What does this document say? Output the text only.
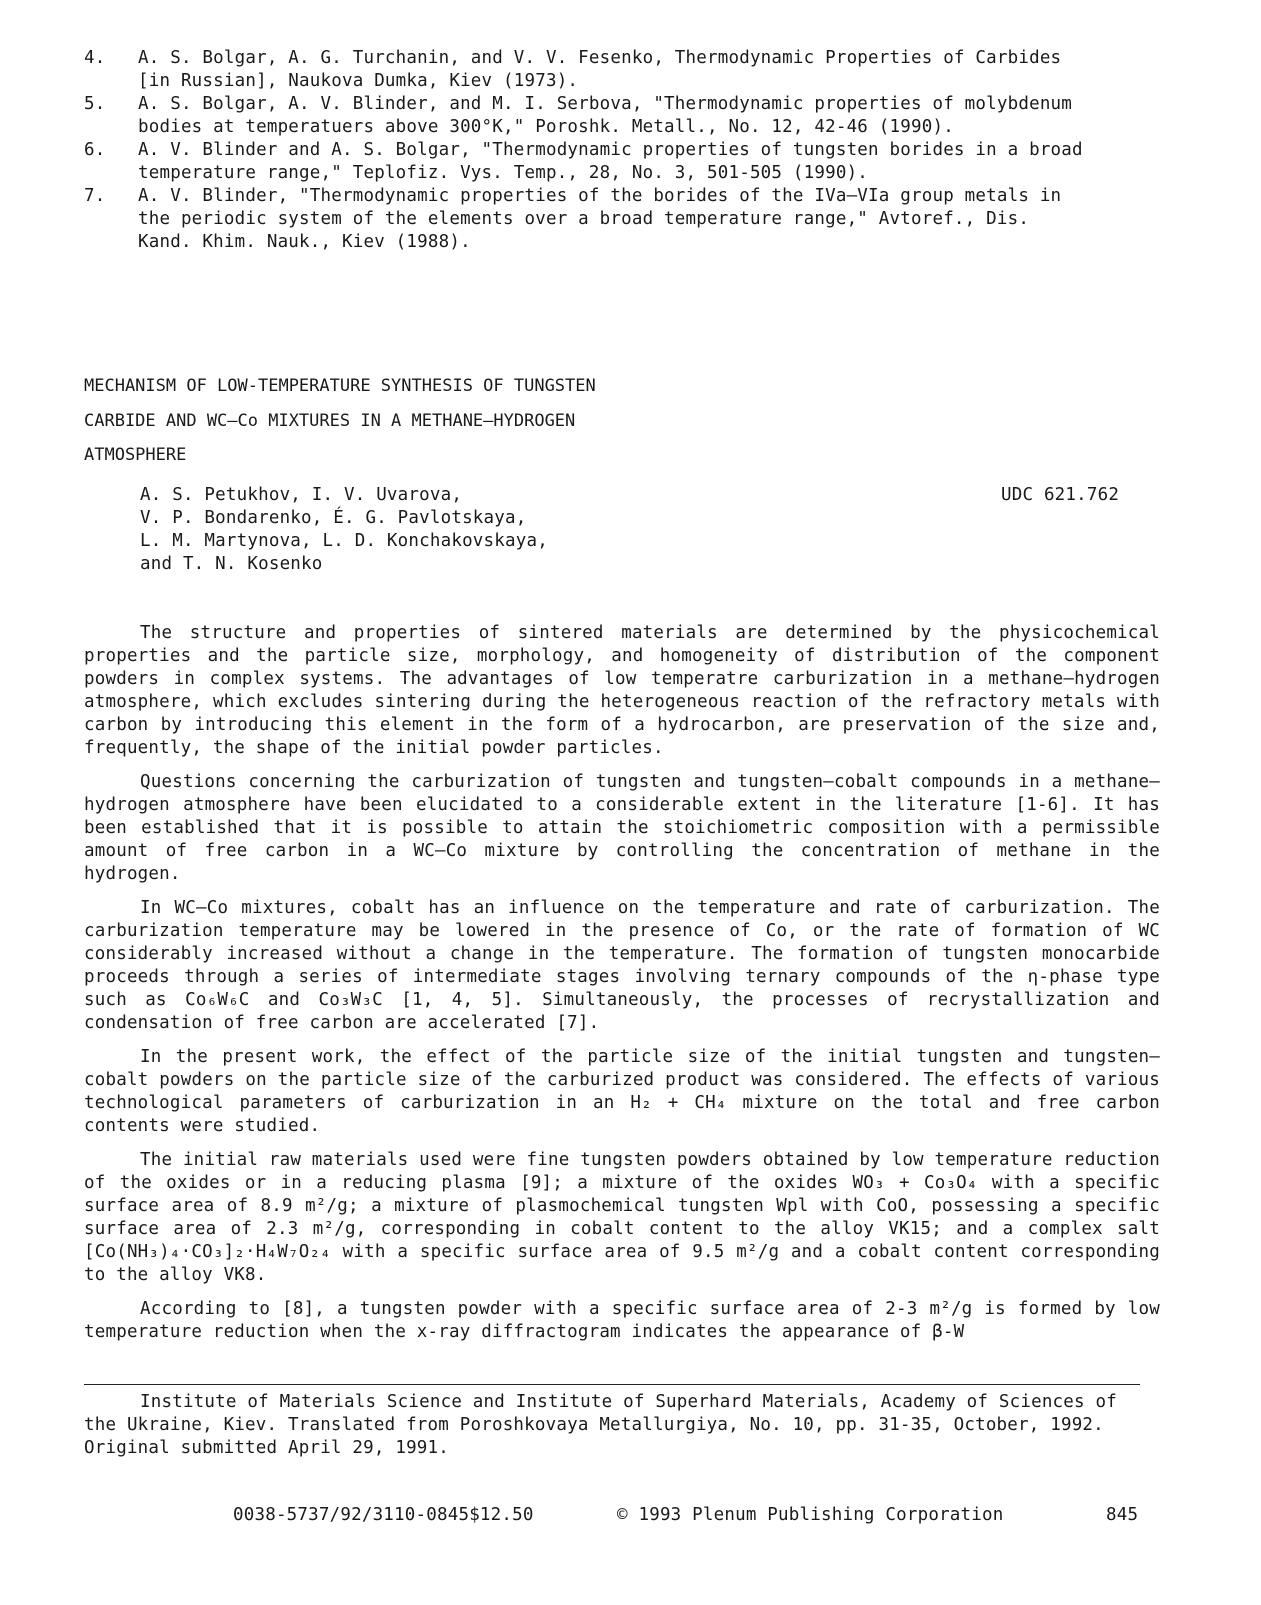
4.	A. S. Bolgar, A. G. Turchanin, and V. V. Fesenko, Thermodynamic Properties of Carbides
[in Russian], Naukova Dumka, Kiev (1973).
5.	A. S. Bolgar, A. V. Blinder, and M. I. Serbova, "Thermodynamic properties of molybdenum
bodies at temperatuers above 300°K," Poroshk. Metall., No. 12, 42-46 (1990).
6.	A. V. Blinder and A. S. Bolgar, "Thermodynamic properties of tungsten borides in a broad
temperature range," Teplofiz. Vys. Temp., 28, No. 3, 501-505 (1990).
7.	A. V. Blinder, "Thermodynamic properties of the borides of the IVa—VIa group metals in
the periodic system of the elements over a broad temperature range," Avtoref., Dis.
Kand. Khim. Nauk., Kiev (1988).
MECHANISM OF LOW-TEMPERATURE SYNTHESIS OF TUNGSTEN
CARBIDE AND WC—Co MIXTURES IN A METHANE—HYDROGEN
ATMOSPHERE
A. S. Petukhov, I. V. Uvarova,
V. P. Bondarenko, É. G. Pavlotskaya,
L. M. Martynova, L. D. Konchakovskaya,
and T. N. Kosenko
UDC 621.762

The structure and properties of sintered materials are determined by the physicochemical properties and the particle size, morphology, and homogeneity of distribution of the component powders in complex systems. The advantages of low temperatre carburization in a methane—hydrogen atmosphere, which excludes sintering during the heterogeneous reaction of the refractory metals with carbon by introducing this element in the form of a hydrocarbon, are preservation of the size and, frequently, the shape of the initial powder particles.

Questions concerning the carburization of tungsten and tungsten—cobalt compounds in a methane—hydrogen atmosphere have been elucidated to a considerable extent in the literature [1-6]. It has been established that it is possible to attain the stoichiometric composition with a permissible amount of free carbon in a WC—Co mixture by controlling the concentration of methane in the hydrogen.

In WC—Co mixtures, cobalt has an influence on the temperature and rate of carburization. The carburization temperature may be lowered in the presence of Co, or the rate of formation of WC considerably increased without a change in the temperature. The formation of tungsten monocarbide proceeds through a series of intermediate stages involving ternary compounds of the η-phase type such as Co₆W₆C and Co₃W₃C [1, 4, 5]. Simultaneously, the processes of recrystallization and condensation of free carbon are accelerated [7].

In the present work, the effect of the particle size of the initial tungsten and tungsten—cobalt powders on the particle size of the carburized product was considered. The effects of various technological parameters of carburization in an H₂ + CH₄ mixture on the total and free carbon contents were studied.

The initial raw materials used were fine tungsten powders obtained by low temperature reduction of the oxides or in a reducing plasma [9]; a mixture of the oxides WO₃ + Co₃O₄ with a specific surface area of 8.9 m²/g; a mixture of plasmochemical tungsten Wpl with CoO, possessing a specific surface area of 2.3 m²/g, corresponding in cobalt content to the alloy VK15; and a complex salt [Co(NH₃)₄·CO₃]₂·H₄W₇O₂₄ with a specific surface area of 9.5 m²/g and a cobalt content corresponding to the alloy VK8.

According to [8], a tungsten powder with a specific surface area of 2-3 m²/g is formed by low temperature reduction when the x-ray diffractogram indicates the appearance of β-W

Institute of Materials Science and Institute of Superhard Materials, Academy of Sciences of the Ukraine, Kiev. Translated from Poroshkovaya Metallurgiya, No. 10, pp. 31-35, October, 1992. Original submitted April 29, 1991.
0038-5737/92/3110-0845$12.50	© 1993 Plenum Publishing Corporation	845
